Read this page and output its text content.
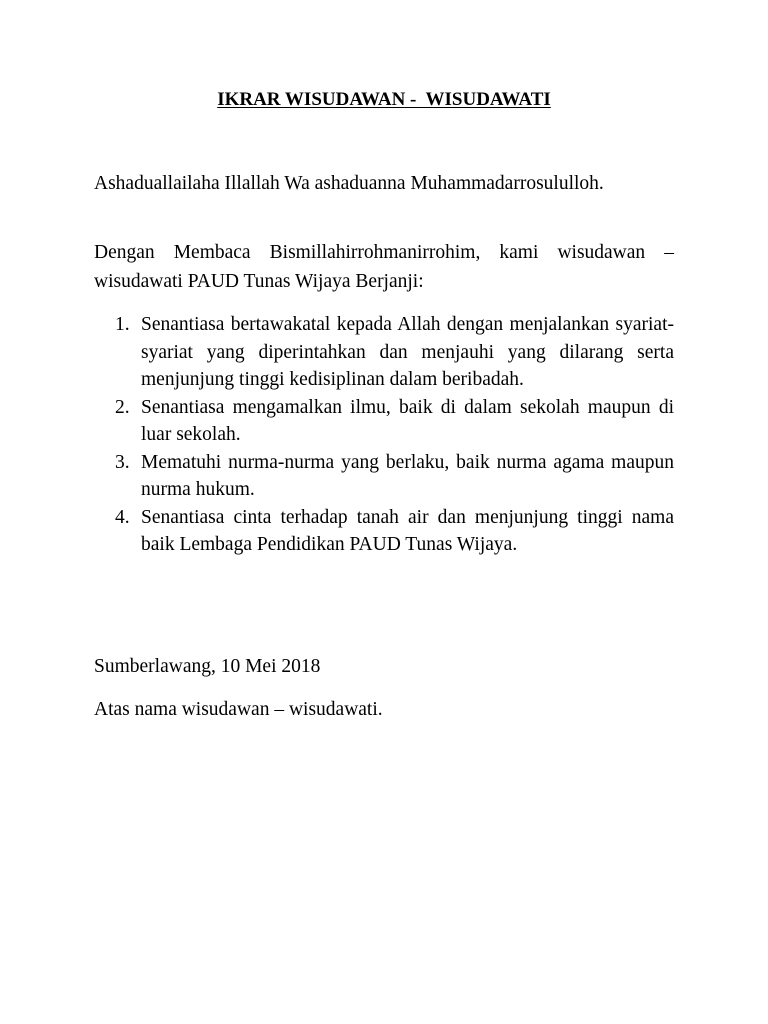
IKRAR WISUDAWAN -  WISUDAWATI

Ashaduallailaha Illallah Wa ashaduanna Muhammadarrosululloh.

Dengan Membaca Bismillahirrohmanirrohim, kami wisudawan – wisudawati PAUD Tunas Wijaya Berjanji:

1. Senantiasa bertawakatal kepada Allah dengan menjalankan syariat-syariat yang diperintahkan dan menjauhi yang dilarang serta menjunjung tinggi kedisiplinan dalam beribadah.
2. Senantiasa mengamalkan ilmu, baik di dalam sekolah maupun di luar sekolah.
3. Mematuhi nurma-nurma yang berlaku, baik nurma agama maupun nurma hukum.
4. Senantiasa cinta terhadap tanah air dan menjunjung tinggi nama baik Lembaga Pendidikan PAUD Tunas Wijaya.

Sumberlawang, 10 Mei 2018

Atas nama wisudawan – wisudawati.
